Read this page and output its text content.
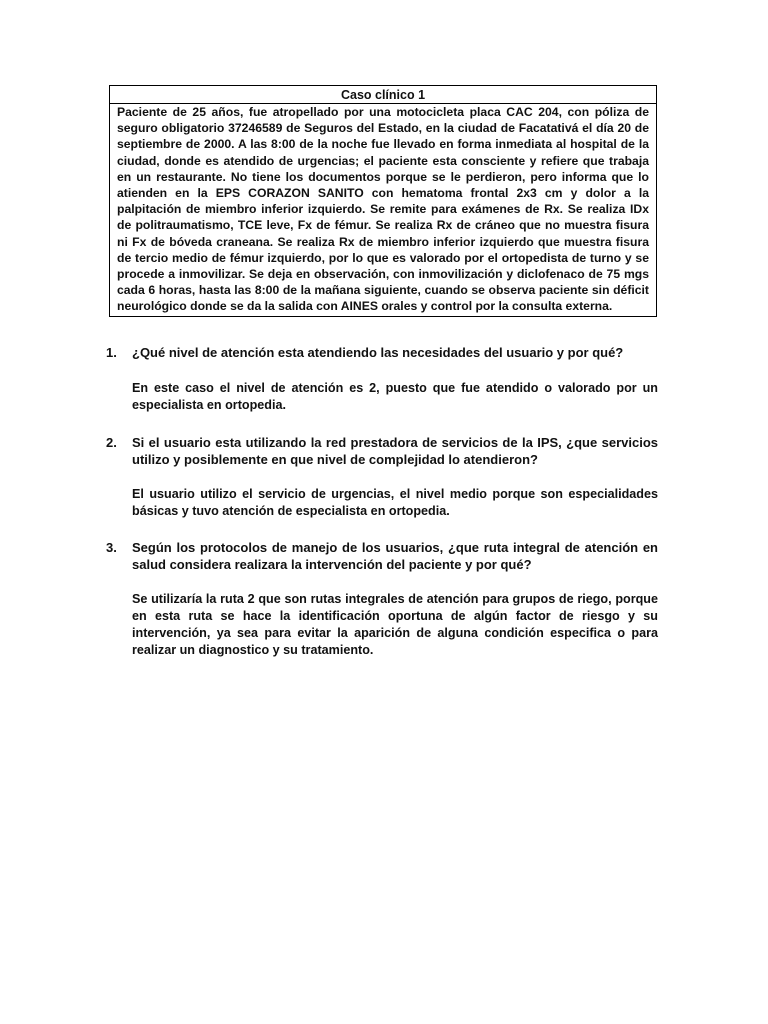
Caso clínico 1

Paciente de 25 años, fue atropellado por una motocicleta placa CAC 204, con póliza de seguro obligatorio 37246589 de Seguros del Estado, en la ciudad de Facatativá el día 20 de septiembre de 2000. A las 8:00 de la noche fue llevado en forma inmediata al hospital de la ciudad, donde es atendido de urgencias; el paciente esta consciente y refiere que trabaja en un restaurante. No tiene los documentos porque se le perdieron, pero informa que lo atienden en la EPS CORAZON SANITO con hematoma frontal 2x3 cm y dolor a la palpitación de miembro inferior izquierdo. Se remite para exámenes de Rx. Se realiza IDx de politraumatismo, TCE leve, Fx de fémur. Se realiza Rx de cráneo que no muestra fisura ni Fx de bóveda craneana. Se realiza Rx de miembro inferior izquierdo que muestra fisura de tercio medio de fémur izquierdo, por lo que es valorado por el ortopedista de turno y se procede a inmovilizar. Se deja en observación, con inmovilización y diclofenaco de 75 mgs cada 6 horas, hasta las 8:00 de la mañana siguiente, cuando se observa paciente sin déficit neurológico donde se da la salida con AINES orales y control por la consulta externa.

1. ¿Qué nivel de atención esta atendiendo las necesidades del usuario y por qué?

En este caso el nivel de atención es 2, puesto que fue atendido o valorado por un especialista en ortopedia.

2. Si el usuario esta utilizando la red prestadora de servicios de la IPS, ¿que servicios utilizo y posiblemente en que nivel de complejidad lo atendieron?

El usuario utilizo el servicio de urgencias, el nivel medio porque son especialidades básicas y tuvo atención de especialista en ortopedia.

3. Según los protocolos de manejo de los usuarios, ¿que ruta integral de atención en salud considera realizara la intervención del paciente y por qué?

Se utilizaría la ruta 2 que son rutas integrales de atención para grupos de riego, porque en esta ruta se hace la identificación oportuna de algún factor de riesgo y su intervención, ya sea para evitar la aparición de alguna condición especifica o para realizar un diagnostico y su tratamiento.
